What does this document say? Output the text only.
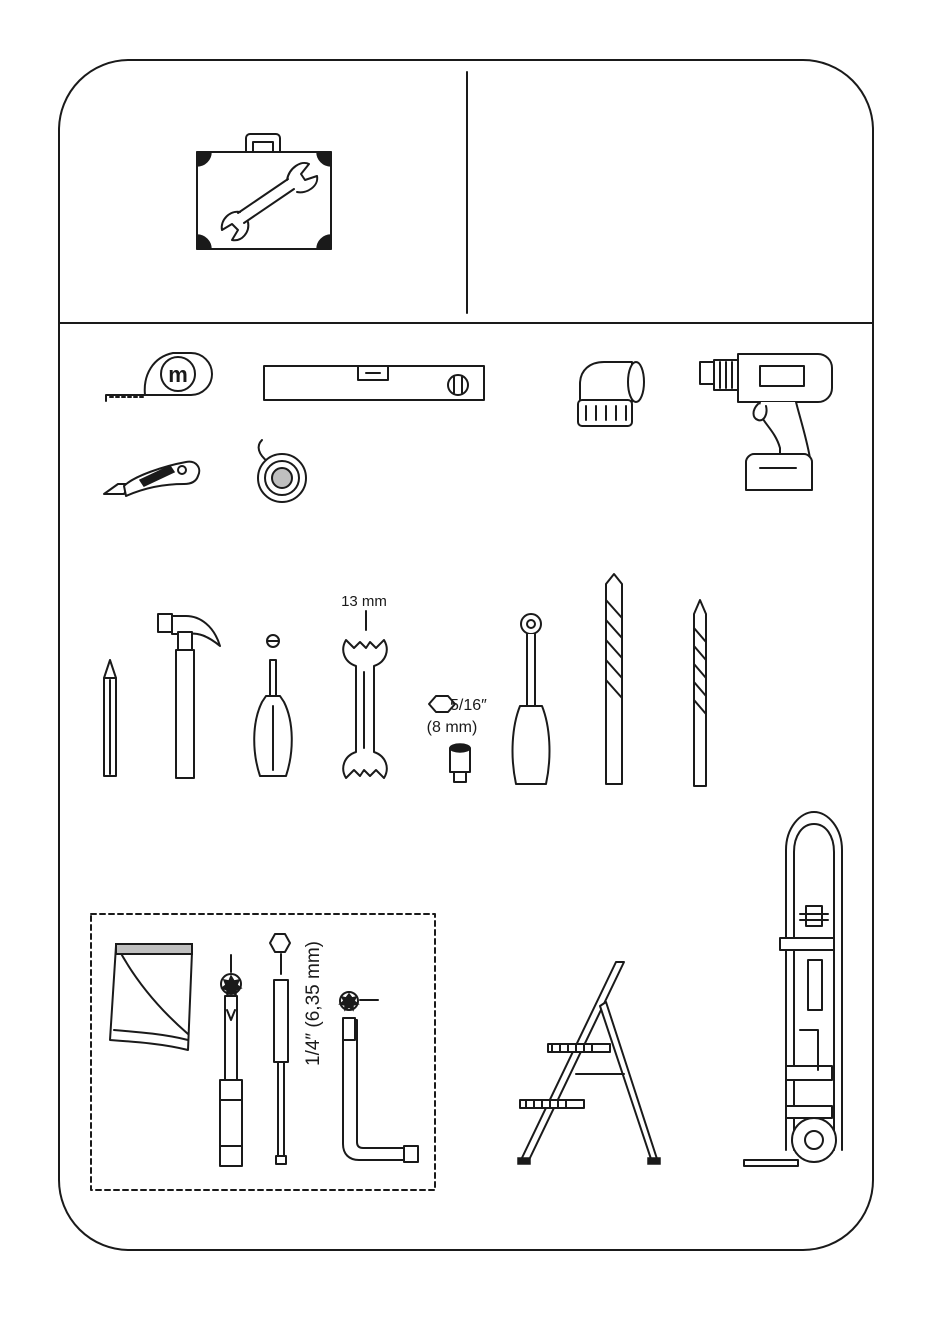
m
13 mm
5/16″
(8 mm)
1/4″ (6,35 mm)
